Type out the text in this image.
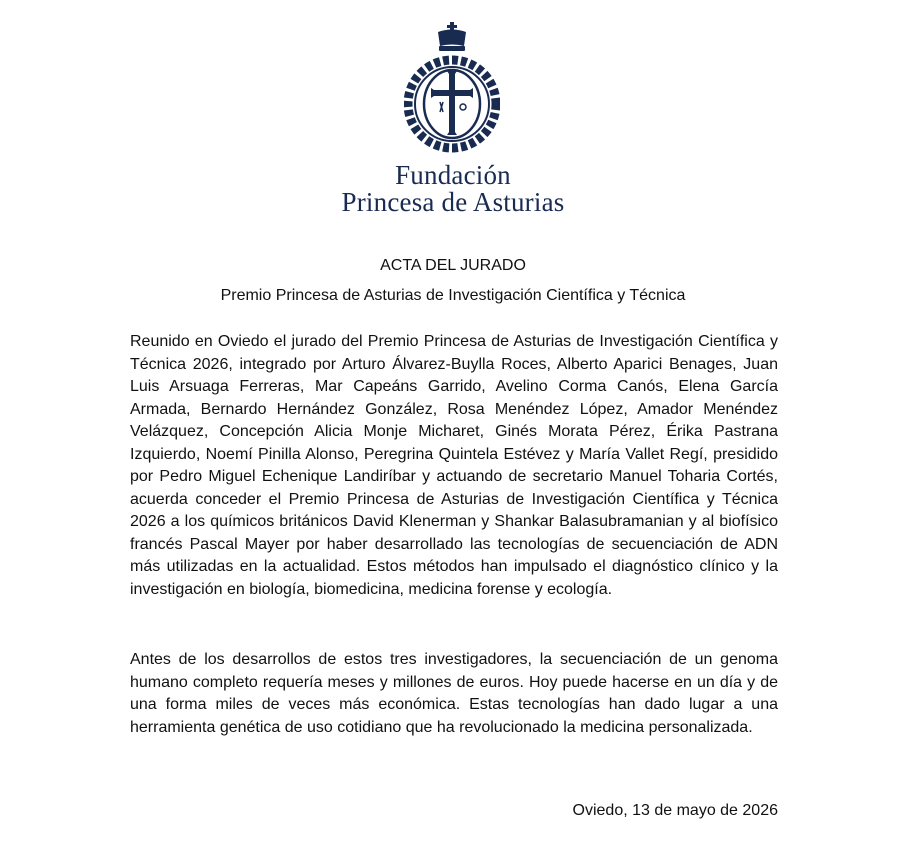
Fundación
Princesa de Asturias
ACTA DEL JURADO
Premio Princesa de Asturias de Investigación Científica y Técnica

Reunido en Oviedo el jurado del Premio Princesa de Asturias de Investigación Científica y Técnica 2026, integrado por Arturo Álvarez-Buylla Roces, Alberto Aparici Benages, Juan Luis Arsuaga Ferreras, Mar Capeáns Garrido, Avelino Corma Canós, Elena García Armada, Bernardo Hernández González, Rosa Menéndez López, Amador Menéndez Velázquez, Concepción Alicia Monje Micharet, Ginés Morata Pérez, Érika Pastrana Izquierdo, Noemí Pinilla Alonso, Peregrina Quintela Estévez y María Vallet Regí, presidido por Pedro Miguel Echenique Landiríbar y actuando de secretario Manuel Toharia Cortés, acuerda conceder el Premio Princesa de Asturias de Investigación Científica y Técnica 2026 a los químicos británicos David Klenerman y Shankar Balasubramanian y al biofísico francés Pascal Mayer por haber desarrollado las tecnologías de secuenciación de ADN más utilizadas en la actualidad. Estos métodos han impulsado el diagnóstico clínico y la investigación en biología, biomedicina, medicina forense y ecología.

Antes de los desarrollos de estos tres investigadores, la secuenciación de un genoma humano completo requería meses y millones de euros. Hoy puede hacerse en un día y de una forma miles de veces más económica. Estas tecnologías han dado lugar a una herramienta genética de uso cotidiano que ha revolucionado la medicina personalizada.

Oviedo, 13 de mayo de 2026
